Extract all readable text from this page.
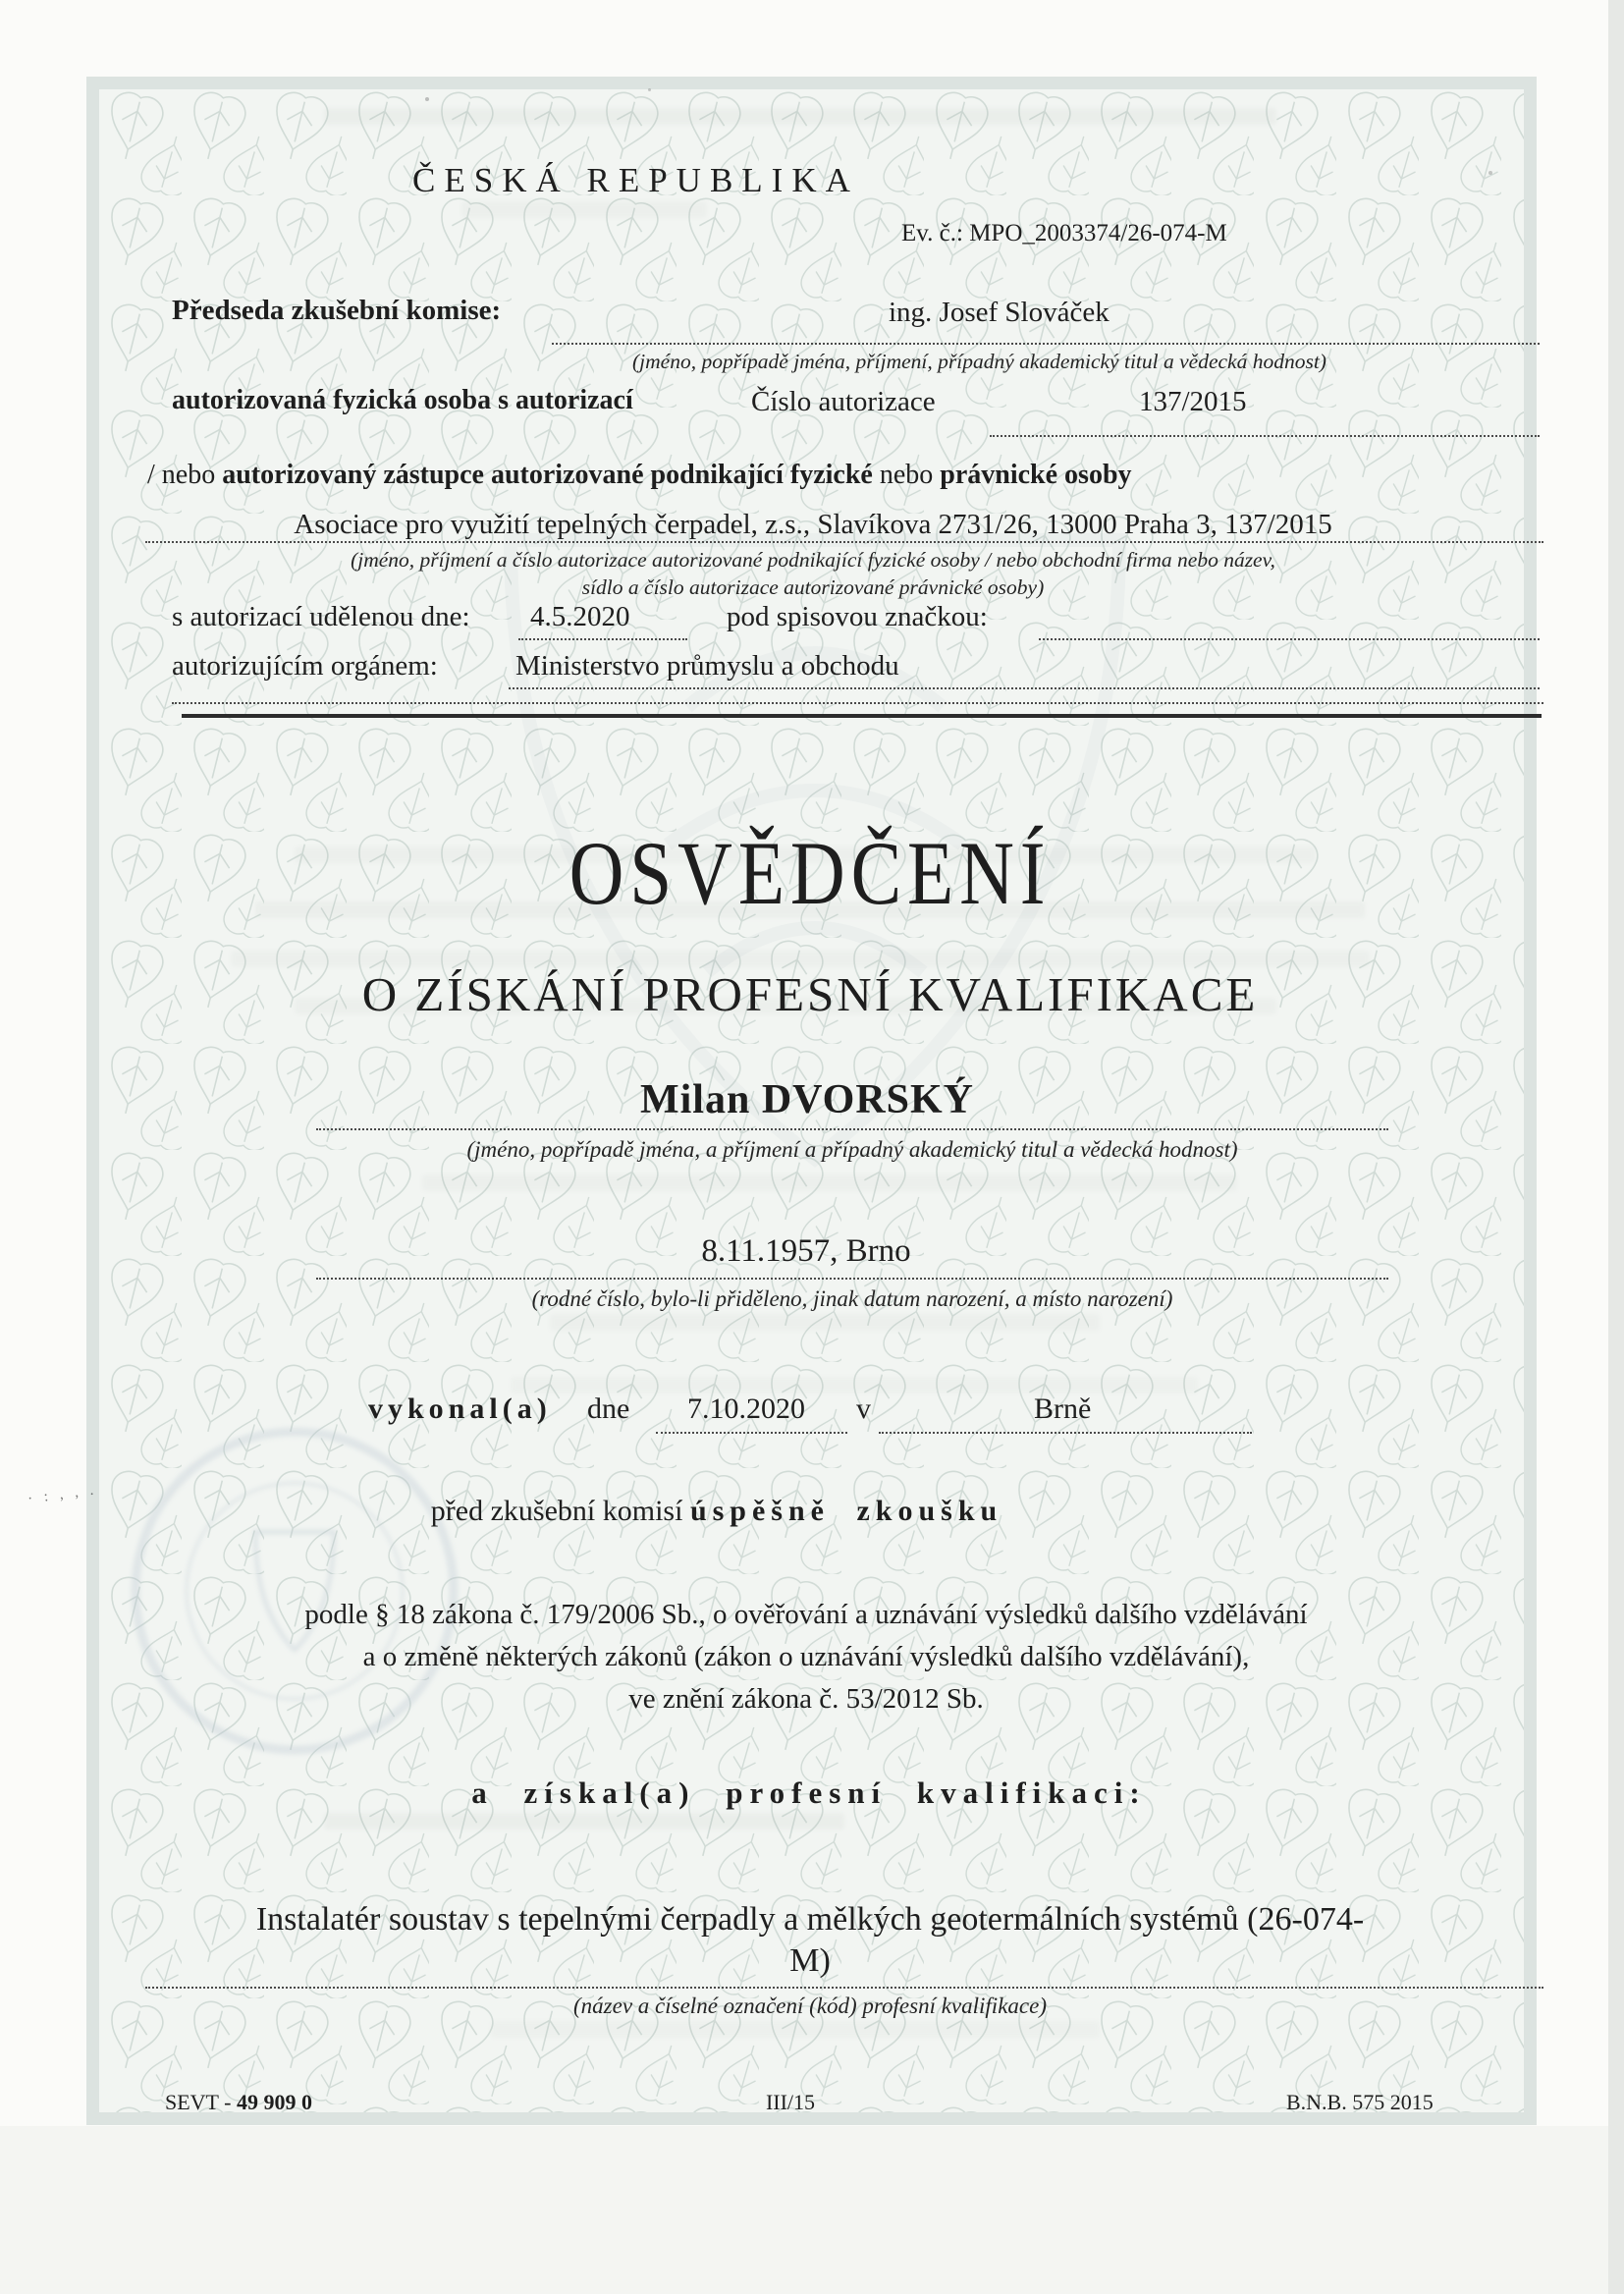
ČESKÁ REPUBLIKA
Ev. č.: MPO_2003374/26-074-M
Předseda zkušební komise:	ing. Josef Slováček
(jméno, popřípadě jména, příjmení, případný akademický titul a vědecká hodnost)
autorizovaná fyzická osoba s autorizací	Číslo autorizace	137/2015
/ nebo autorizovaný zástupce autorizované podnikající fyzické nebo právnické osoby
Asociace pro využití tepelných čerpadel, z.s., Slavíkova 2731/26, 13000 Praha 3, 137/2015
(jméno, příjmení a číslo autorizace autorizované podnikající fyzické osoby / nebo obchodní firma nebo název,
sídlo a číslo autorizace autorizované právnické osoby)
s autorizací udělenou dne: 4.5.2020	pod spisovou značkou:
autorizujícím orgánem:	Ministerstvo průmyslu a obchodu
OSVĚDČENÍ
O ZÍSKÁNÍ PROFESNÍ KVALIFIKACE
Milan DVORSKÝ
(jméno, popřípadě jména, a příjmení a případný akademický titul a vědecká hodnost)
8.11.1957, Brno
(rodné číslo, bylo-li přiděleno, jinak datum narození, a místo narození)
vykonal(a) dne 7.10.2020 v	Brně
před zkušební komisí úspěšně zkoušku
podle § 18 zákona č. 179/2006 Sb., o ověřování a uznávání výsledků dalšího vzdělávání
a o změně některých zákonů (zákon o uznávání výsledků dalšího vzdělávání),
ve znění zákona č. 53/2012 Sb.
a získal(a) profesní kvalifikaci:
Instalatér soustav s tepelnými čerpadly a mělkých geotermálních systémů (26-074-
M)
(název a číselné označení (kód) profesní kvalifikace)
SEVT - 49 909 0	III/15	B.N.B. 575 2015
· : , , .
